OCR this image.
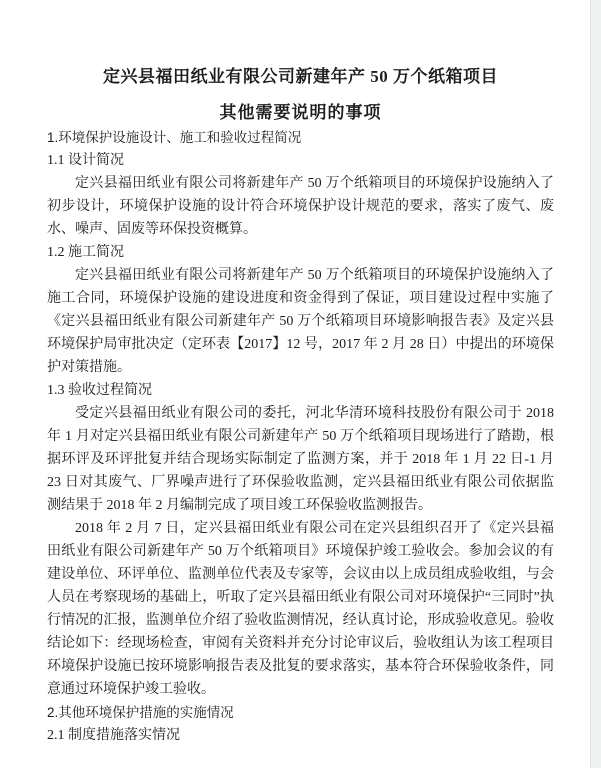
定兴县福田纸业有限公司新建年产 50 万个纸箱项目
其他需要说明的事项
1.环境保护设施设计、施工和验收过程简况
1.1 设计简况

定兴县福田纸业有限公司将新建年产 50 万个纸箱项目的环境保护设施纳入了初步设计，环境保护设施的设计符合环境保护设计规范的要求，落实了废气、废水、噪声、固废等环保投资概算。

1.2 施工简况

定兴县福田纸业有限公司将新建年产 50 万个纸箱项目的环境保护设施纳入了施工合同，环境保护设施的建设进度和资金得到了保证，项目建设过程中实施了《定兴县福田纸业有限公司新建年产 50 万个纸箱项目环境影响报告表》及定兴县环境保护局审批决定（定环表【2017】12 号，2017 年 2 月 28 日）中提出的环境保护对策措施。

1.3 验收过程简况

受定兴县福田纸业有限公司的委托，河北华清环境科技股份有限公司于 2018 年 1 月对定兴县福田纸业有限公司新建年产 50 万个纸箱项目现场进行了踏勘，根据环评及环评批复并结合现场实际制定了监测方案，并于 2018 年 1 月 22 日-1 月 23 日对其废气、厂界噪声进行了环保验收监测，定兴县福田纸业有限公司依据监测结果于 2018 年 2 月编制完成了项目竣工环保验收监测报告。

2018 年 2 月 7 日，定兴县福田纸业有限公司在定兴县组织召开了《定兴县福田纸业有限公司新建年产 50 万个纸箱项目》环境保护竣工验收会。参加会议的有建设单位、环评单位、监测单位代表及专家等，会议由以上成员组成验收组，与会人员在考察现场的基础上，听取了定兴县福田纸业有限公司对环境保护“三同时”执行情况的汇报，监测单位介绍了验收监测情况，经认真讨论，形成验收意见。验收结论如下：经现场检查，审阅有关资料并充分讨论审议后，验收组认为该工程项目环境保护设施已按环境影响报告表及批复的要求落实，基本符合环保验收条件，同意通过环境保护竣工验收。

2.其他环境保护措施的实施情况
2.1 制度措施落实情况
